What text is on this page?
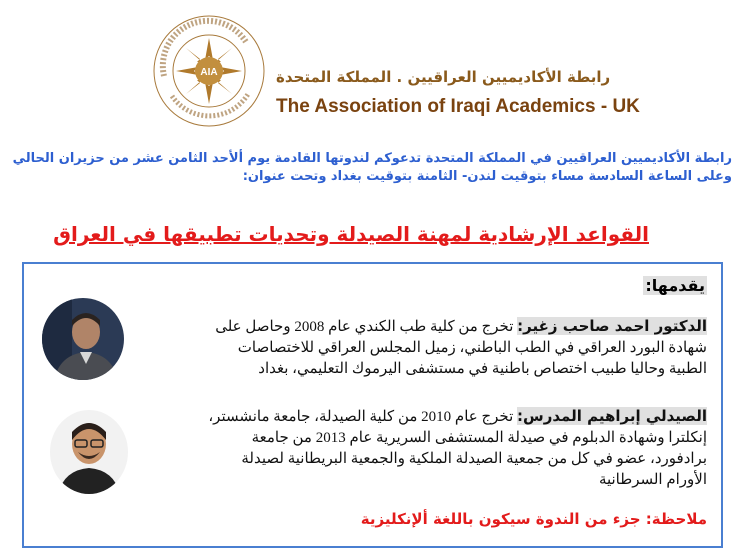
AIA	رابطة الأكاديميين العراقيين . المملكة المتحدة
The Association of Iraqi Academics - UK
رابطة الأكاديميين العراقيين في المملكة المتحدة تدعوكم لندوتها القادمة يوم ألأحد الثامن عشر من حزيران الحالي
وعلى الساعة السادسة مساء بتوقيت لندن- الثامنة بتوقيت بغداد وتحت عنوان:
القواعد الإرشادية لمهنة الصيدلة وتحديات تطبيقها في العراق
يقدمها:
الدكتور احمد صاحب زغير: تخرج من كلية طب الكندي عام 2008 وحاصل على شهادة البورد العراقي في الطب الباطني، زميل المجلس العراقي للاختصاصات الطبية وحاليا طبيب اختصاص باطنية في مستشفى اليرموك التعليمي، بغداد
الصيدلي إبراهيم المدرس: تخرج عام 2010 من كلية الصيدلة، جامعة مانشستر، إنكلترا وشهادة الدبلوم في صيدلة المستشفى السريرية عام 2013 من جامعة برادفورد، عضو في كل من جمعية الصيدلة الملكية والجمعية البريطانية لصيدلة الأورام السرطانية
ملاحظة: جزء من الندوة سيكون باللغة ألإنكليزية
